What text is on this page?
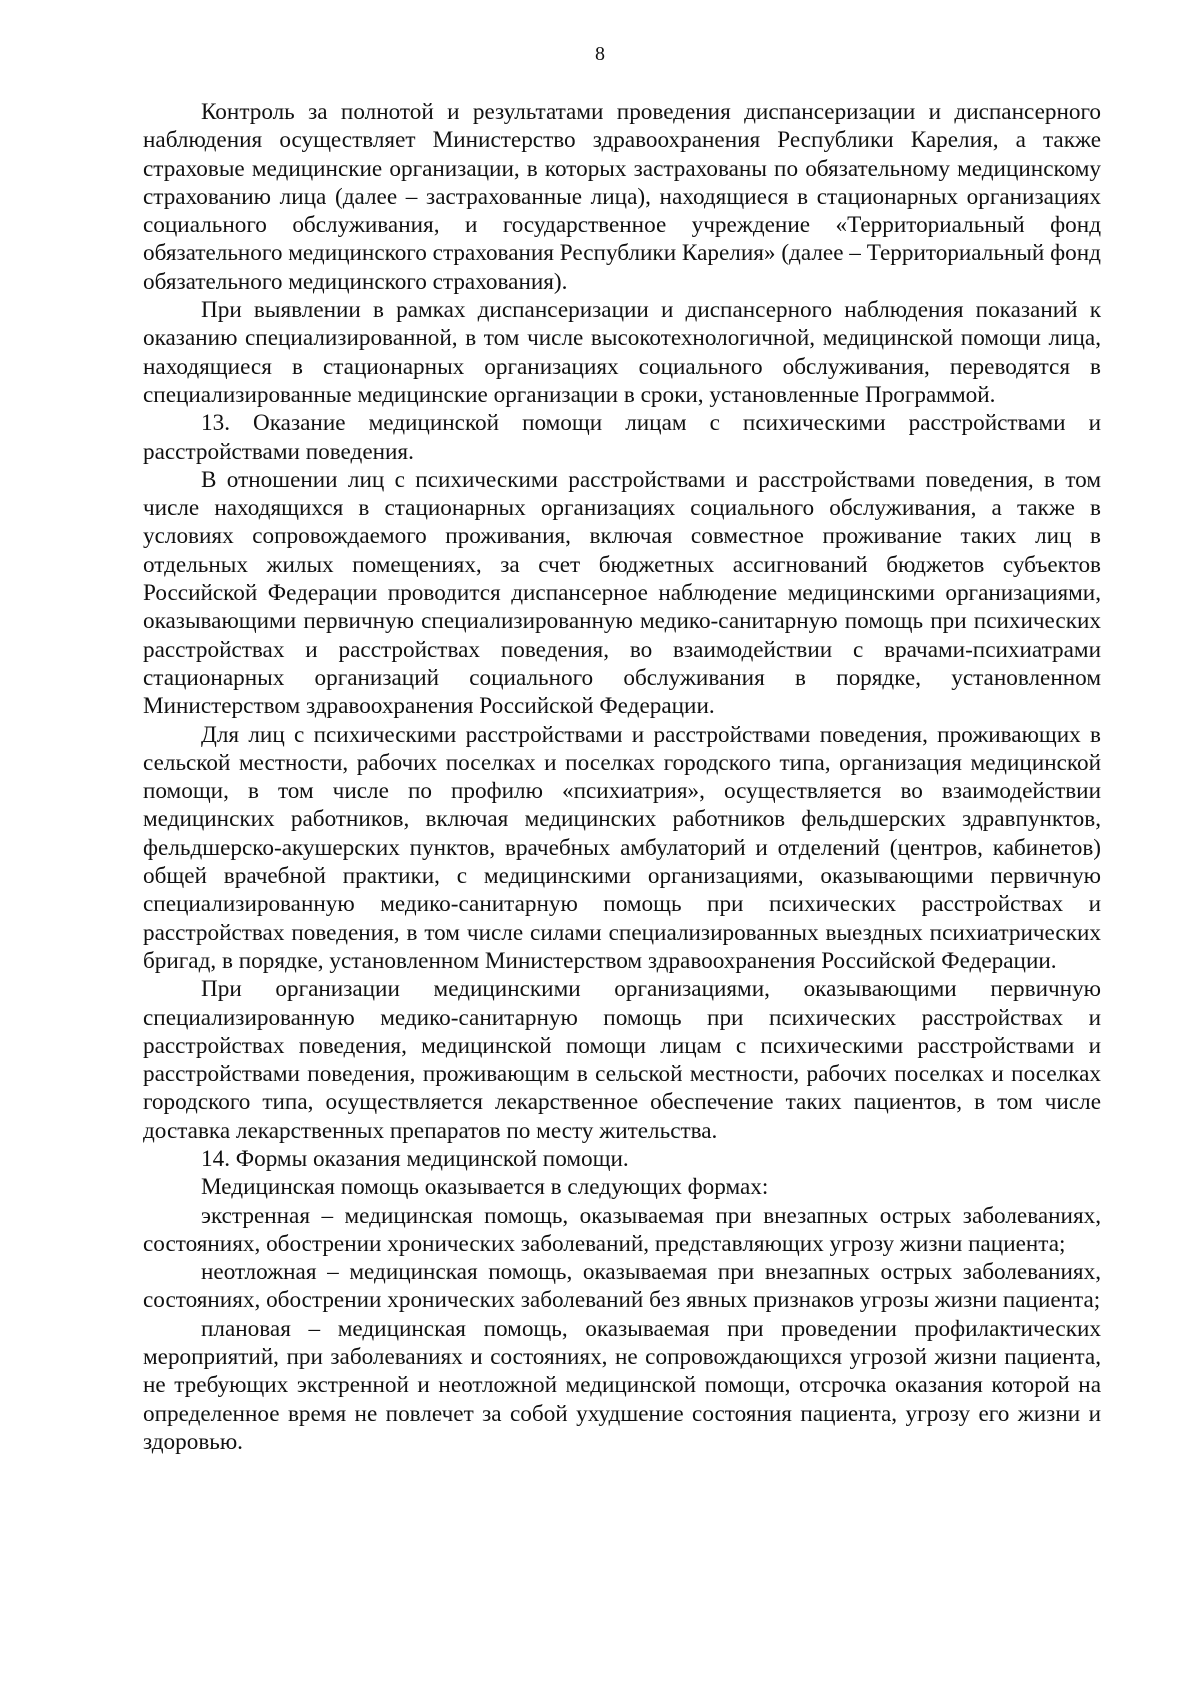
8

Контроль за полнотой и результатами проведения диспансеризации и диспансерного наблюдения осуществляет Министерство здравоохранения Республики Карелия, а также страховые медицинские организации, в которых застрахованы по обязательному медицинскому страхованию лица (далее – застрахованные лица), находящиеся в стационарных организациях социального обслуживания, и государственное учреждение «Территориальный фонд обязательного медицинского страхования Республики Карелия» (далее – Территориальный фонд обязательного медицинского страхования).

При выявлении в рамках диспансеризации и диспансерного наблюдения показаний к оказанию специализированной, в том числе высокотехнологичной, медицинской помощи лица, находящиеся в стационарных организациях социального обслуживания, переводятся в специализированные медицинские организации в сроки, установленные Программой.

13. Оказание медицинской помощи лицам с психическими расстройствами и расстройствами поведения.

В отношении лиц с психическими расстройствами и расстройствами поведения, в том числе находящихся в стационарных организациях социального обслуживания, а также в условиях сопровождаемого проживания, включая совместное проживание таких лиц в отдельных жилых помещениях, за счет бюджетных ассигнований бюджетов субъектов Российской Федерации проводится диспансерное наблюдение медицинскими организациями, оказывающими первичную специализированную медико-санитарную помощь при психических расстройствах и расстройствах поведения, во взаимодействии с врачами-психиатрами стационарных организаций социального обслуживания в порядке, установленном Министерством здравоохранения Российской Федерации.

Для лиц с психическими расстройствами и расстройствами поведения, проживающих в сельской местности, рабочих поселках и поселках городского типа, организация медицинской помощи, в том числе по профилю «психиатрия», осуществляется во взаимодействии медицинских работников, включая медицинских работников фельдшерских здравпунктов, фельдшерско-акушерских пунктов, врачебных амбулаторий и отделений (центров, кабинетов) общей врачебной практики, с медицинскими организациями, оказывающими первичную специализированную медико-санитарную помощь при психических расстройствах и расстройствах поведения, в том числе силами специализированных выездных психиатрических бригад, в порядке, установленном Министерством здравоохранения Российской Федерации.

При организации медицинскими организациями, оказывающими первичную специализированную медико-санитарную помощь при психических расстройствах и расстройствах поведения, медицинской помощи лицам с психическими расстройствами и расстройствами поведения, проживающим в сельской местности, рабочих поселках и поселках городского типа, осуществляется лекарственное обеспечение таких пациентов, в том числе доставка лекарственных препаратов по месту жительства.

14. Формы оказания медицинской помощи.

Медицинская помощь оказывается в следующих формах:

экстренная – медицинская помощь, оказываемая при внезапных острых заболеваниях, состояниях, обострении хронических заболеваний, представляющих угрозу жизни пациента;

неотложная – медицинская помощь, оказываемая при внезапных острых заболеваниях, состояниях, обострении хронических заболеваний без явных признаков угрозы жизни пациента;

плановая – медицинская помощь, оказываемая при проведении профилактических мероприятий, при заболеваниях и состояниях, не сопровождающихся угрозой жизни пациента, не требующих экстренной и неотложной медицинской помощи, отсрочка оказания которой на определенное время не повлечет за собой ухудшение состояния пациента, угрозу его жизни и здоровью.
